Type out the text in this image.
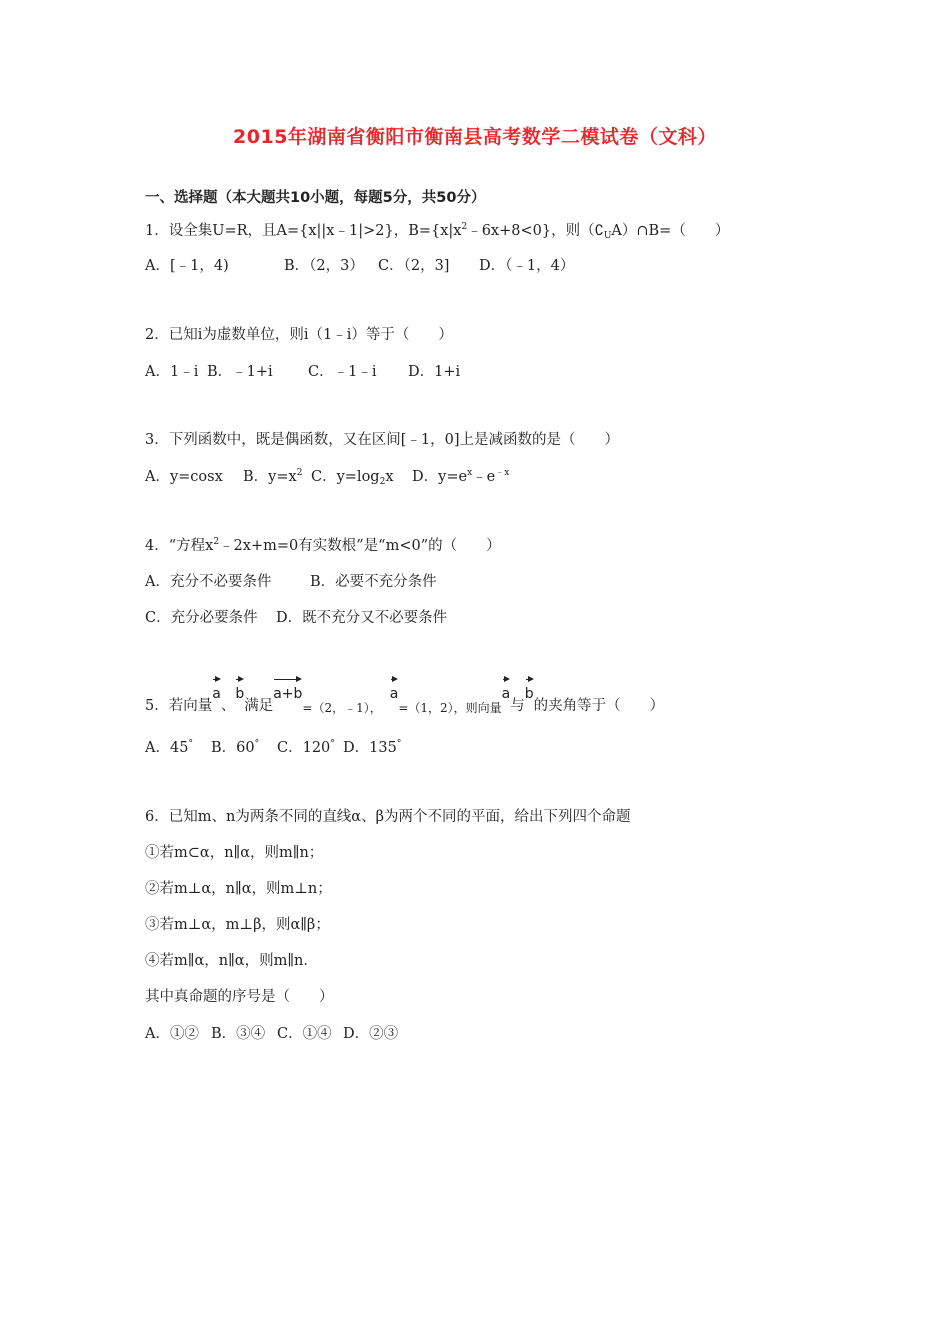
2015年湖南省衡阳市衡南县高考数学二模试卷（文科）
一、选择题（本大题共10小题，每题5分，共50分）
1．设全集U=R，且A={x||x﹣1|>2}，$B=\{x|x^2﹣6x+8<0\}$，则$(∁_UA)\cap B=$（　　）
A．[﹣1，4)	B．（2，3） C．（2，3] D．（﹣1，4）
2．已知i为虚数单位，则i（1﹣i）等于（　　）
A．1﹣i B．﹣1+i C．﹣1﹣i D．1+i
3．下列函数中，既是偶函数，又在区间[﹣1，0]上是减函数的是（　　）
A．y=cosx B．$y=x^2$ C．$y=\log_2x$ D．$y=e^x﹣e^{﹣x}$
4．“方程$x^2﹣2x+m=0$有实数根”是“m<0”的（　　）
A．充分不必要条件	B．必要不充分条件
C．充分必要条件 D．既不充分又不必要条件
5．若向量a、b满足a+b=（2，﹣1），a=（1，2），则向量a与b的夹角等于（　　）
A．45° B．60° C．120° D．135°
6．已知m、n为两条不同的直线α、β为两个不同的平面，给出下列四个命题
①若m⊂α，n∥α，则m∥n；
②若m⊥α，n∥α，则m⊥n；
③若m⊥α，m⊥β，则α∥β；
④若m∥α，n∥α，则m∥n．
其中真命题的序号是（　　）
A．①② B．③④ C．①④ D．②③
